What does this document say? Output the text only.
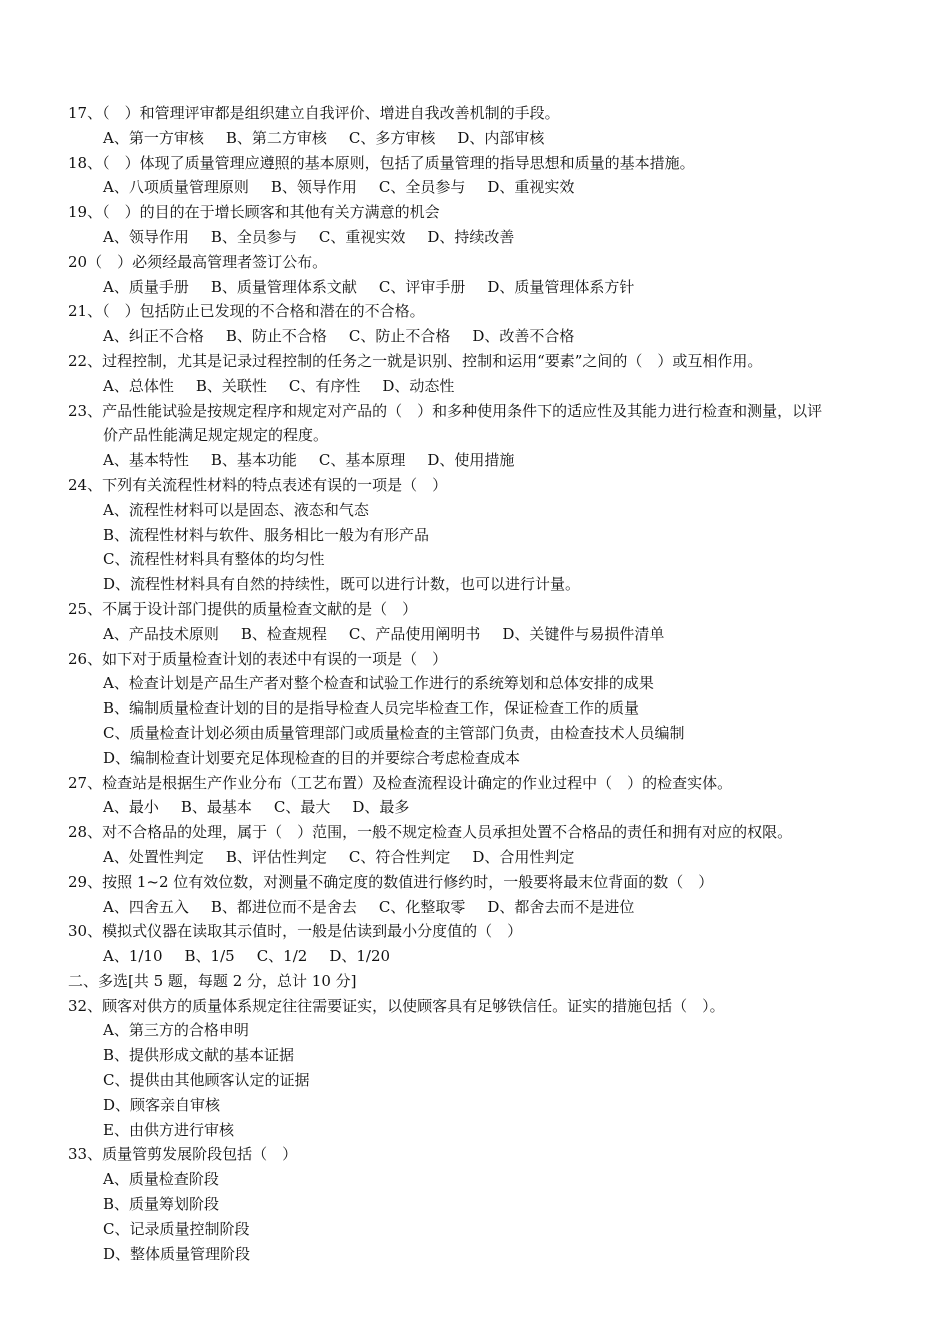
17、（　）和管理评审都是组织建立自我评价、增进自我改善机制的手段。
A、第一方审核 B、第二方审核 C、多方审核 D、内部审核
18、（　）体现了质量管理应遵照的基本原则，包括了质量管理的指导思想和质量的基本措施。
A、八项质量管理原则 B、领导作用 C、全员参与 D、重视实效
19、（　）的目的在于增长顾客和其他有关方满意的机会
A、领导作用 B、全员参与 C、重视实效 D、持续改善
20（　）必须经最高管理者签订公布。
A、质量手册 B、质量管理体系文献 C、评审手册 D、质量管理体系方针
21、（　）包括防止已发现的不合格和潜在的不合格。
A、纠正不合格 B、防止不合格 C、防止不合格 D、改善不合格
22、过程控制，尤其是记录过程控制的任务之一就是识别、控制和运用“要素”之间的（　）或互相作用。
A、总体性 B、关联性 C、有序性 D、动态性
23、产品性能试验是按规定程序和规定对产品的（　）和多种使用条件下的适应性及其能力进行检查和测量，以评
价产品性能满足规定规定的程度。
A、基本特性 B、基本功能 C、基本原理 D、使用措施
24、下列有关流程性材料的特点表述有误的一项是（　）
A、流程性材料可以是固态、液态和气态
B、流程性材料与软件、服务相比一般为有形产品
C、流程性材料具有整体的均匀性
D、流程性材料具有自然的持续性，既可以进行计数，也可以进行计量。
25、不属于设计部门提供的质量检查文献的是（　）
A、产品技术原则 B、检查规程 C、产品使用阐明书 D、关键件与易损件清单
26、如下对于质量检查计划的表述中有误的一项是（　）
A、检查计划是产品生产者对整个检查和试验工作进行的系统筹划和总体安排的成果
B、编制质量检查计划的目的是指导检查人员完毕检查工作，保证检查工作的质量
C、质量检查计划必须由质量管理部门或质量检查的主管部门负责，由检查技术人员编制
D、编制检查计划要充足体现检查的目的并要综合考虑检查成本
27、检查站是根据生产作业分布（工艺布置）及检查流程设计确定的作业过程中（　）的检查实体。
A、最小 B、最基本 C、最大 D、最多
28、对不合格品的处理，属于（　）范围，一般不规定检查人员承担处置不合格品的责任和拥有对应的权限。
A、处置性判定 B、评估性判定 C、符合性判定 D、合用性判定
29、按照 1~2 位有效位数，对测量不确定度的数值进行修约时，一般要将最末位背面的数（　）
A、四舍五入 B、都进位而不是舍去 C、化整取零 D、都舍去而不是进位
30、模拟式仪器在读取其示值时，一般是估读到最小分度值的（　）
A、1/10 B、1/5 C、1/2 D、1/20
二、多选[共 5 题，每题 2 分，总计 10 分]
32、顾客对供方的质量体系规定往往需要证实，以使顾客具有足够铁信任。证实的措施包括（　）。
A、第三方的合格申明
B、提供形成文献的基本证据
C、提供由其他顾客认定的证据
D、顾客亲自审核
E、由供方进行审核
33、质量管剪发展阶段包括（　）
A、质量检查阶段
B、质量筹划阶段
C、记录质量控制阶段
D、整体质量管理阶段
